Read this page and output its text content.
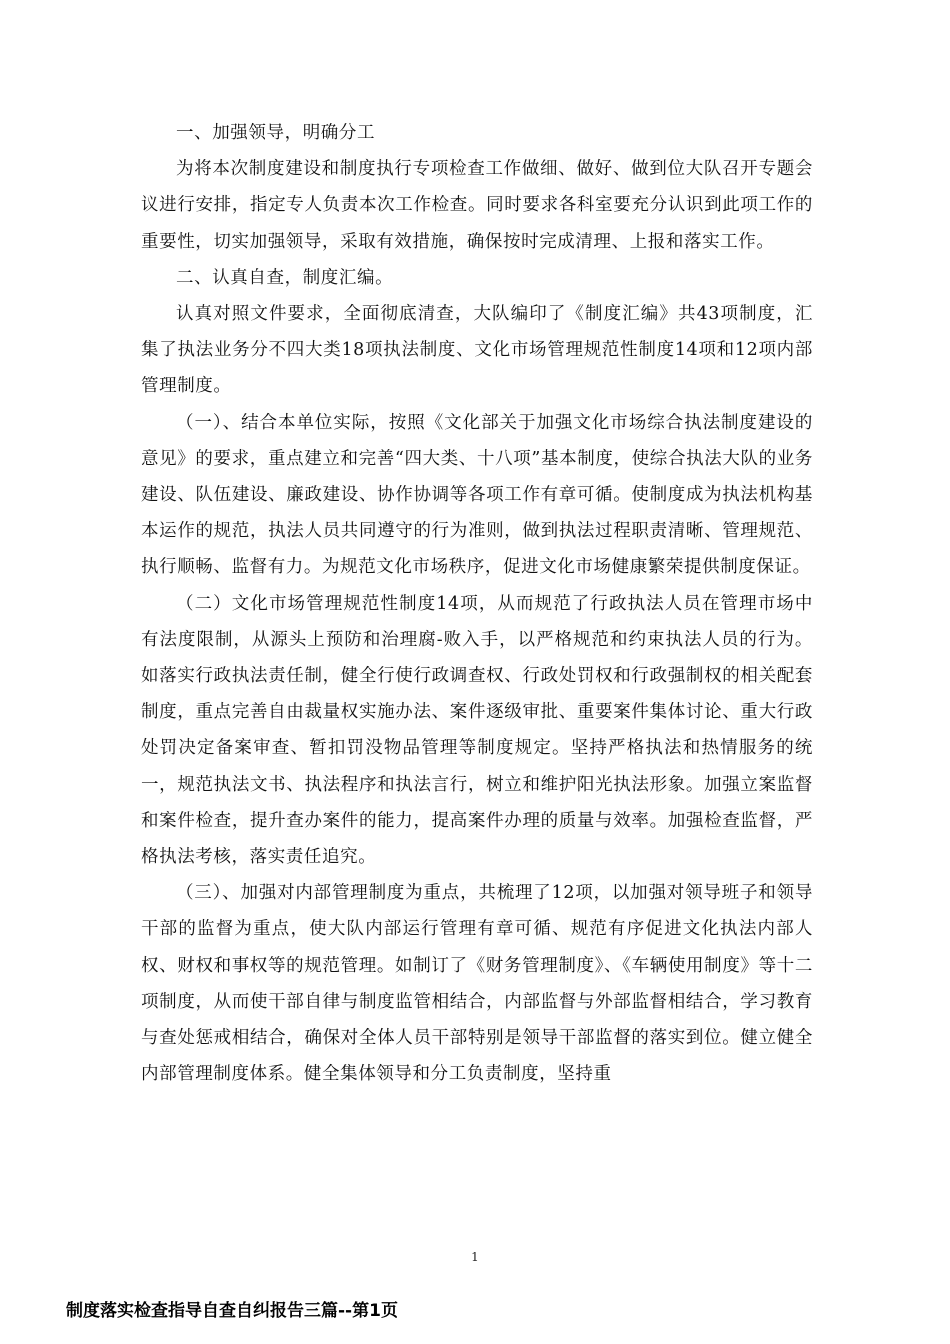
一、加强领导，明确分工

为将本次制度建设和制度执行专项检查工作做细、做好、做到位大队召开专题会议进行安排，指定专人负责本次工作检查。同时要求各科室要充分认识到此项工作的重要性，切实加强领导，采取有效措施，确保按时完成清理、上报和落实工作。

二、认真自查，制度汇编。

认真对照文件要求，全面彻底清查，大队编印了《制度汇编》共43项制度，汇集了执法业务分不四大类18项执法制度、文化市场管理规范性制度14项和12项内部管理制度。

（一）、结合本单位实际，按照《文化部关于加强文化市场综合执法制度建设的意见》的要求，重点建立和完善“四大类、十八项”基本制度，使综合执法大队的业务建设、队伍建设、廉政建设、协作协调等各项工作有章可循。使制度成为执法机构基本运作的规范，执法人员共同遵守的行为准则，做到执法过程职责清晰、管理规范、执行顺畅、监督有力。为规范文化市场秩序，促进文化市场健康繁荣提供制度保证。

（二）文化市场管理规范性制度14项，从而规范了行政执法人员在管理市场中有法度限制，从源头上预防和治理腐-败入手，以严格规范和约束执法人员的行为。如落实行政执法责任制，健全行使行政调查权、行政处罚权和行政强制权的相关配套制度，重点完善自由裁量权实施办法、案件逐级审批、重要案件集体讨论、重大行政处罚决定备案审查、暂扣罚没物品管理等制度规定。坚持严格执法和热情服务的统一，规范执法文书、执法程序和执法言行，树立和维护阳光执法形象。加强立案监督和案件检查，提升查办案件的能力，提高案件办理的质量与效率。加强检查监督，严格执法考核，落实责任追究。

（三）、加强对内部管理制度为重点，共梳理了12项，以加强对领导班子和领导干部的监督为重点，使大队内部运行管理有章可循、规范有序促进文化执法内部人权、财权和事权等的规范管理。如制订了《财务管理制度》、《车辆使用制度》等十二项制度，从而使干部自律与制度监管相结合，内部监督与外部监督相结合，学习教育与查处惩戒相结合，确保对全体人员干部特别是领导干部监督的落实到位。健立健全内部管理制度体系。健全集体领导和分工负责制度，坚持重

1
制度落实检查指导自查自纠报告三篇--第1页
